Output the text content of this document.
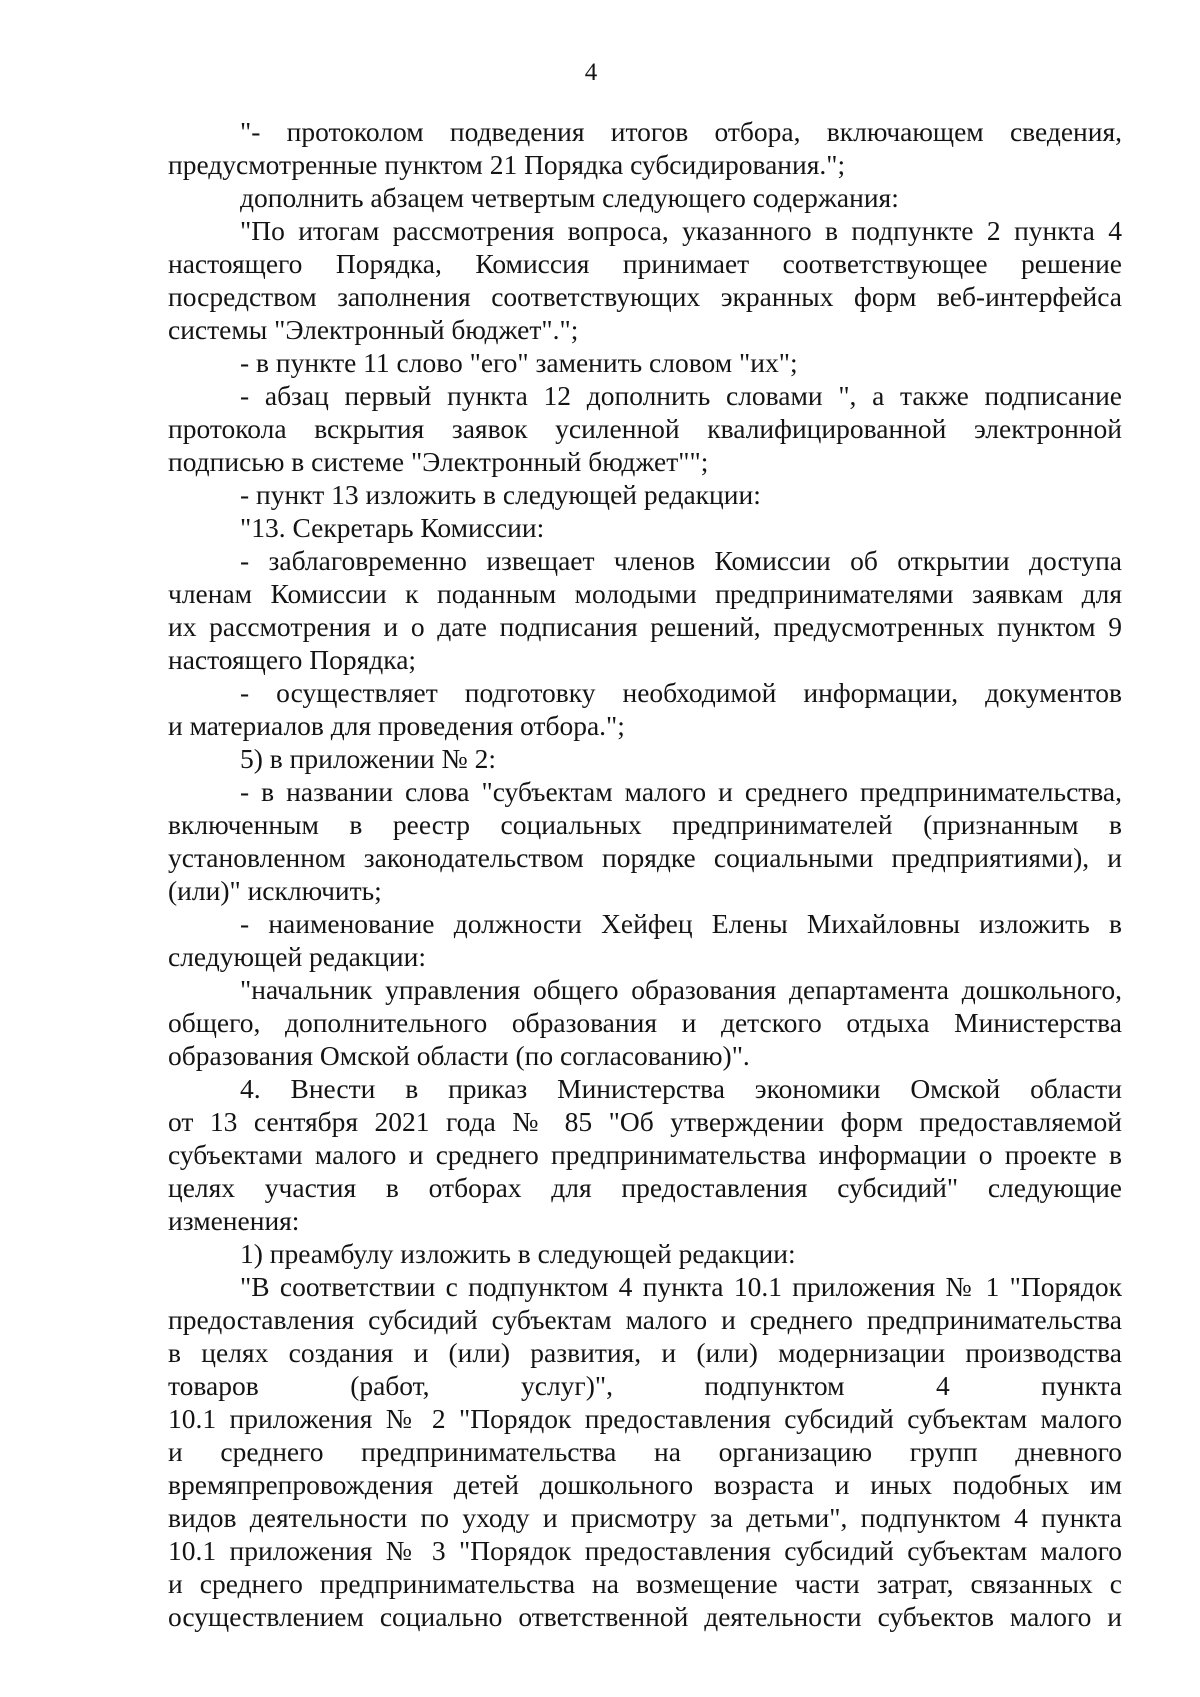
4
"- протоколом подведения итогов отбора, включающем сведения,
предусмотренные пунктом 21 Порядка субсидирования.";
дополнить абзацем четвертым следующего содержания:
"По итогам рассмотрения вопроса, указанного в подпункте 2 пункта 4
настоящего Порядка, Комиссия принимает соответствующее решение
посредством заполнения соответствующих экранных форм веб-интерфейса
системы "Электронный бюджет".";
- в пункте 11 слово "его" заменить словом "их";
- абзац первый пункта 12 дополнить словами ", а также подписание
протокола вскрытия заявок усиленной квалифицированной электронной
подписью в системе "Электронный бюджет"";
- пункт 13 изложить в следующей редакции:
"13. Секретарь Комиссии:
- заблаговременно извещает членов Комиссии об открытии доступа
членам Комиссии к поданным молодыми предпринимателями заявкам для
их рассмотрения и о дате подписания решений, предусмотренных пунктом 9
настоящего Порядка;
- осуществляет подготовку необходимой информации, документов
и материалов для проведения отбора.";
5) в приложении № 2:
- в названии слова "субъектам малого и среднего предпринимательства,
включенным в реестр социальных предпринимателей (признанным в
установленном законодательством порядке социальными предприятиями), и
(или)" исключить;
- наименование должности Хейфец Елены Михайловны изложить в
следующей редакции:
"начальник управления общего образования департамента дошкольного,
общего, дополнительного образования и детского отдыха Министерства
образования Омской области (по согласованию)".
4. Внести в приказ Министерства экономики Омской области
от 13 сентября 2021 года № 85 "Об утверждении форм предоставляемой
субъектами малого и среднего предпринимательства информации о проекте в
целях участия в отборах для предоставления субсидий" следующие
изменения:
1) преамбулу изложить в следующей редакции:
"В соответствии с подпунктом 4 пункта 10.1 приложения № 1 "Порядок
предоставления субсидий субъектам малого и среднего предпринимательства
в целях создания и (или) развития, и (или) модернизации производства
товаров (работ, услуг)", подпунктом 4 пункта
10.1 приложения № 2 "Порядок предоставления субсидий субъектам малого
и среднего предпринимательства на организацию групп дневного
времяпрепровождения детей дошкольного возраста и иных подобных им
видов деятельности по уходу и присмотру за детьми", подпунктом 4 пункта
10.1 приложения № 3 "Порядок предоставления субсидий субъектам малого
и среднего предпринимательства на возмещение части затрат, связанных с
осуществлением социально ответственной деятельности субъектов малого и
